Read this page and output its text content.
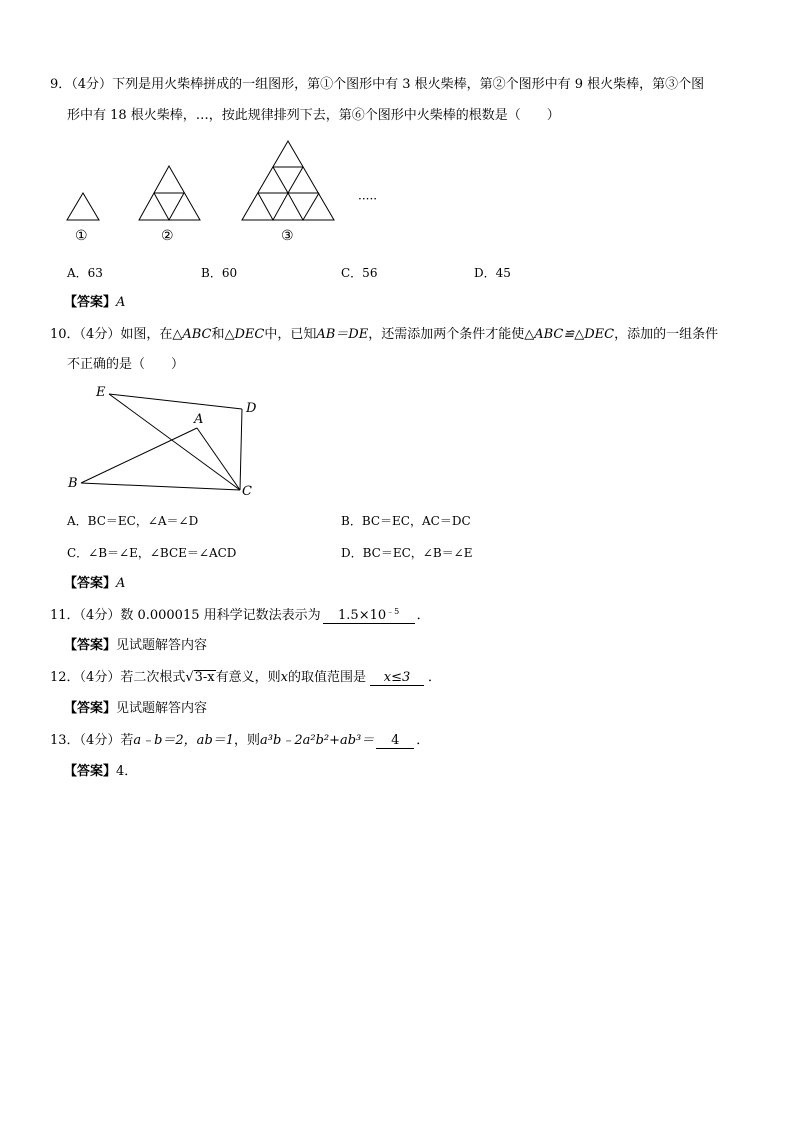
9．（4分）下列是用火柴棒拼成的一组图形，第①个图形中有 3 根火柴棒，第②个图形中有 9 根火柴棒，第③个图
形中有 18 根火柴棒，…，按此规律排列下去，第⑥个图形中火柴棒的根数是（　　）
①	②	③
·····
A．63	B．60	C．56	D．45
【答案】A
10．（4分）如图，在△ABC和△DEC中，已知AB＝DE，还需添加两个条件才能使△ABC≌△DEC，添加的一组条件
不正确的是（　　）
E
D
A
B
C
A．BC＝EC，∠A＝∠D	B．BC＝EC，AC＝DC
C．∠B＝∠E，∠BCE＝∠ACD	D．BC＝EC，∠B＝∠E
【答案】A
11．（4分）数 0.000015 用科学记数法表示为 $1.5\times 10^{﹣5}$ ．
【答案】见试题解答内容
12．（4分）若二次根式√3-x有意义，则x的取值范围是 x≤3 ．
【答案】见试题解答内容
13．（4分）若a﹣b＝2，ab＝1，则a³b﹣2a²b²+ab³＝ 4 ．
【答案】4．
